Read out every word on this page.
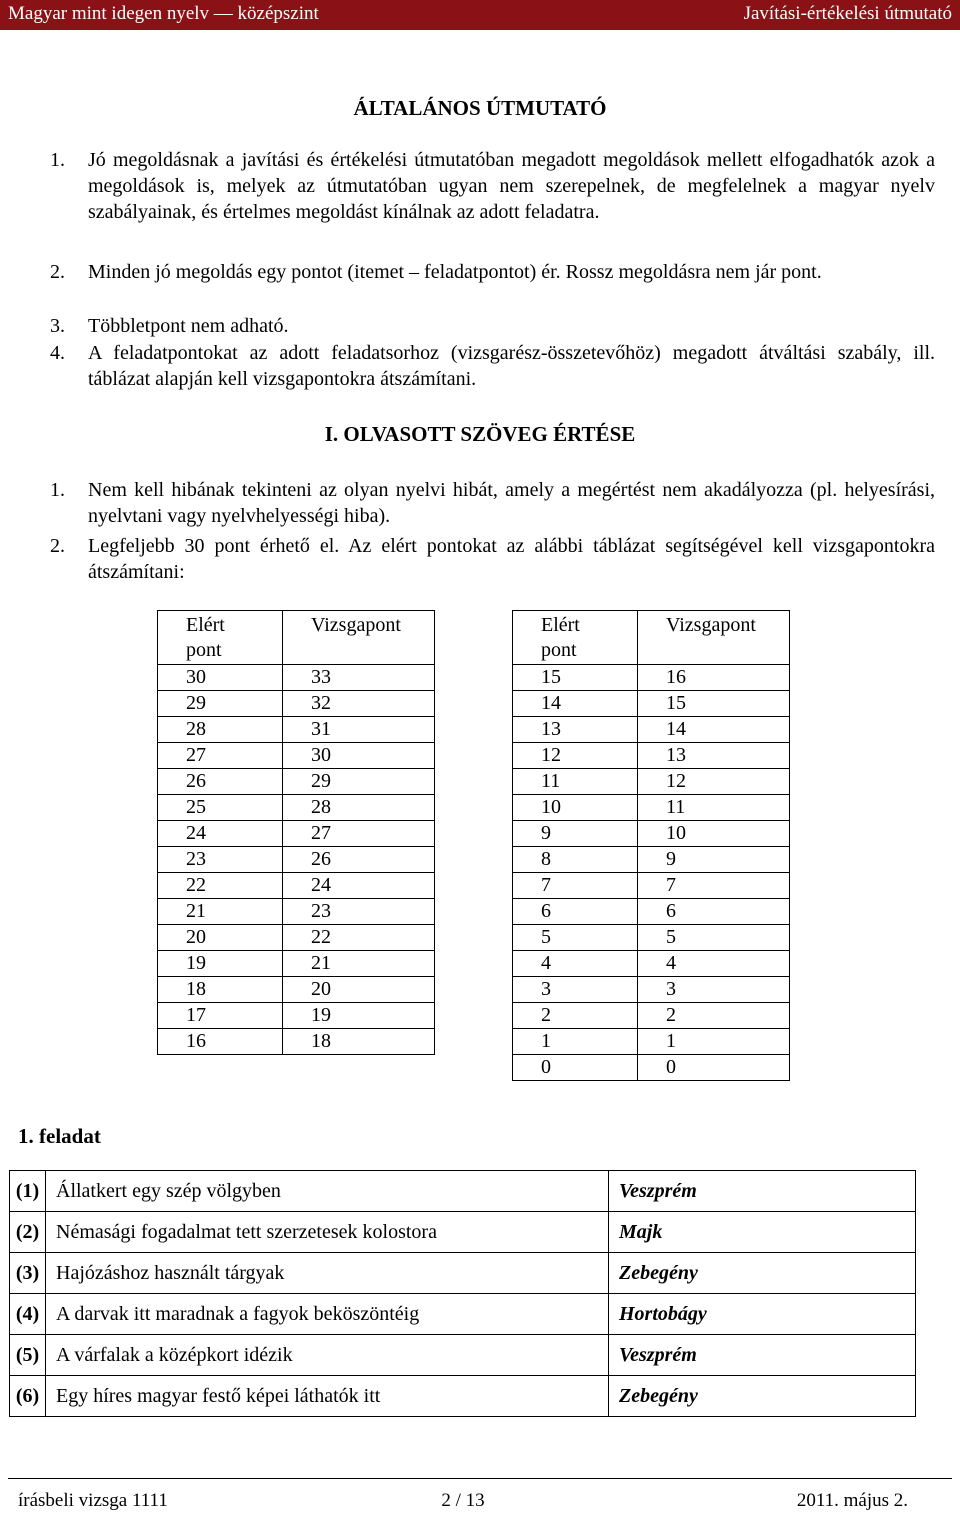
Magyar mint idegen nyelv — középszint	Javítási-értékelési útmutató
ÁLTALÁNOS ÚTMUTATÓ
1.	Jó megoldásnak a javítási és értékelési útmutatóban megadott megoldások mellett elfogadhatók azok a megoldások is, melyek az útmutatóban ugyan nem szerepelnek, de megfelelnek a magyar nyelv szabályainak, és értelmes megoldást kínálnak az adott feladatra.
2.	Minden jó megoldás egy pontot (itemet – feladatpontot) ér. Rossz megoldásra nem jár pont.
3.	Többletpont nem adható.
4.	A feladatpontokat az adott feladatsorhoz (vizsgarész-összetevőhöz) megadott átváltási szabály, ill. táblázat alapján kell vizsgapontokra átszámítani.
I. OLVASOTT SZÖVEG ÉRTÉSE
1.	Nem kell hibának tekinteni az olyan nyelvi hibát, amely a megértést nem akadályozza (pl. helyesírási, nyelvtani vagy nyelvhelyességi hiba).
2.	Legfeljebb 30 pont érhető el. Az elért pontokat az alábbi táblázat segítségével kell vizsgapontokra átszámítani:
Elért
pont	Vizsgapont
30	33
29	32
28	31
27	30
26	29
25	28
24	27
23	26
22	24
21	23
20	22
19	21
18	20
17	19
16	18
Elért
pont	Vizsgapont
15	16
14	15
13	14
12	13
11	12
10	11
9	10
8	9
7	7
6	6
5	5
4	4
3	3
2	2
1	1
0	0
1. feladat
(1)	Állatkert egy szép völgyben	Veszprém
(2)	Némasági fogadalmat tett szerzetesek kolostora	Majk
(3)	Hajózáshoz használt tárgyak	Zebegény
(4)	A darvak itt maradnak a fagyok beköszöntéig	Hortobágy
(5)	A várfalak a középkort idézik	Veszprém
(6)	Egy híres magyar festő képei láthatók itt	Zebegény
írásbeli vizsga 1111	2 / 13	2011. május 2.
